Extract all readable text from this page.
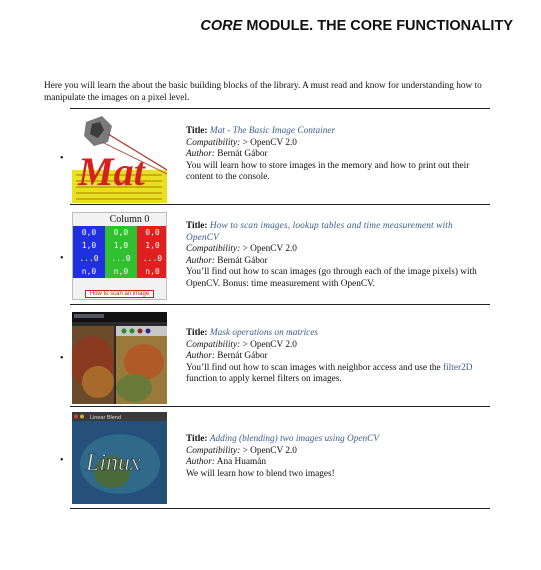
CORE MODULE. THE CORE FUNCTIONALITY

Here you will learn the about the basic building blocks of the library. A must read and know for understanding how to manipulate the images on a pixel level.

• Mat
Title: Mat - The Basic Image Container
Compatibility: > OpenCV 2.0
Author: Bernát Gábor
You will learn how to store images in the memory and how to print out their content to the console.
•
Column 0
0,0	0,0	0,0
1,0	1,0	1,0
...0	...0	...0
n,0	n,0	n,0
How to scan an image
Title: How to scan images, lookup tables and time measurement with OpenCV
Compatibility: > OpenCV 2.0
Author: Bernát Gábor
You’ll find out how to scan images (go through each of the image pixels) with OpenCV. Bonus: time measurement with OpenCV.
•
Title: Mask operations on matrices
Compatibility: > OpenCV 2.0
Author: Bernát Gábor
You’ll find out how to scan images with neighbor access and use the filter2D function to apply kernel filters on images.
•
Linear Blend
Linux
Title: Adding (blending) two images using OpenCV
Compatibility: > OpenCV 2.0
Author: Ana Huamán
We will learn how to blend two images!
